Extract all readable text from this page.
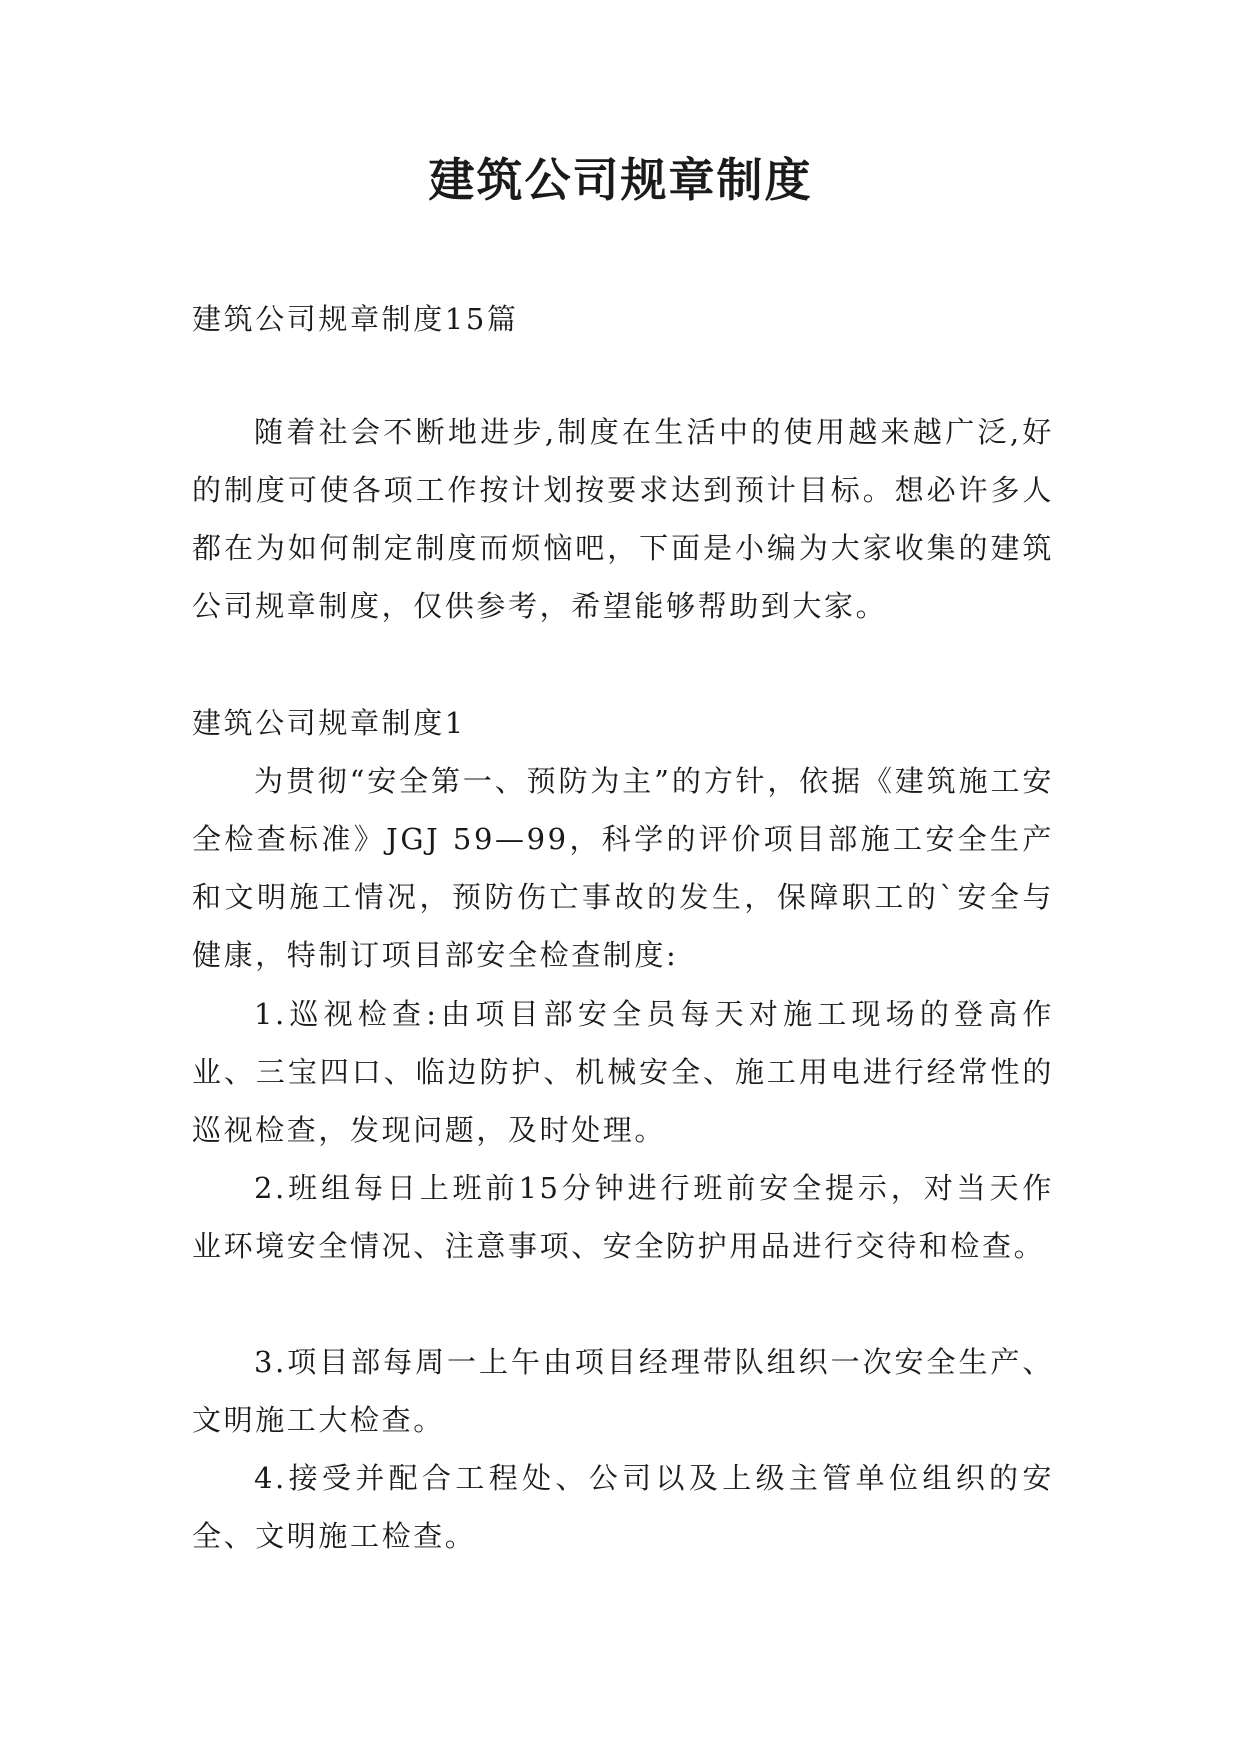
建筑公司规章制度

建筑公司规章制度15篇

随着社会不断地进步,制度在生活中的使用越来越广泛,好的制度可使各项工作按计划按要求达到预计目标。想必许多人都在为如何制定制度而烦恼吧，下面是小编为大家收集的建筑公司规章制度，仅供参考，希望能够帮助到大家。

建筑公司规章制度1

为贯彻“安全第一、预防为主”的方针，依据《建筑施工安全检查标准》JGJ 59—99，科学的评价项目部施工安全生产和文明施工情况，预防伤亡事故的发生，保障职工的`安全与健康，特制订项目部安全检查制度:

1.巡视检查:由项目部安全员每天对施工现场的登高作业、三宝四口、临边防护、机械安全、施工用电进行经常性的巡视检查，发现问题，及时处理。

2.班组每日上班前15分钟进行班前安全提示，对当天作业环境安全情况、注意事项、安全防护用品进行交待和检查。

3.项目部每周一上午由项目经理带队组织一次安全生产、文明施工大检查。

4.接受并配合工程处、公司以及上级主管单位组织的安全、文明施工检查。
